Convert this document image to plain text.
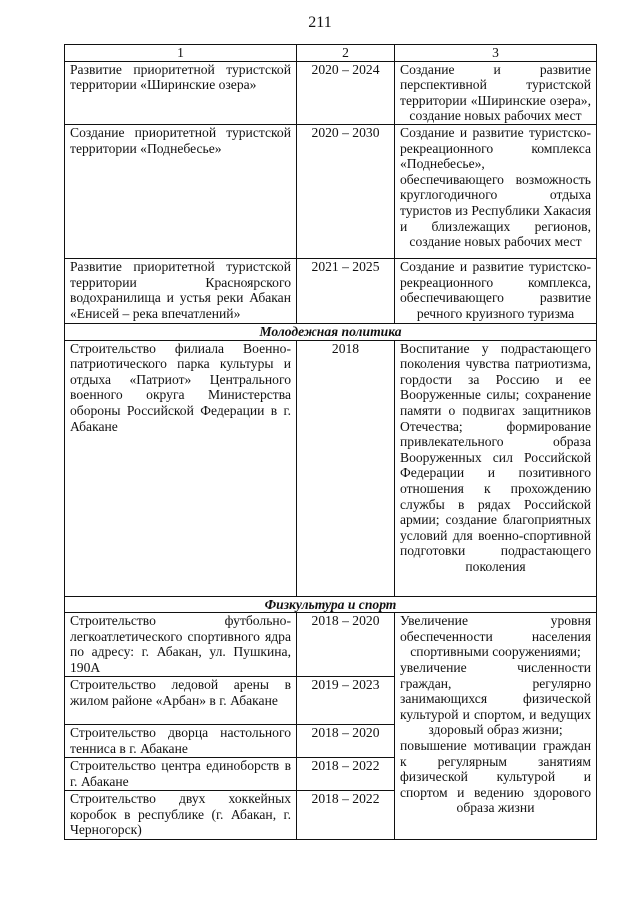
211
1	2	3
Развитие приоритетной туристской территории «Ширинские озера»	2020 – 2024	Создание и развитие перспективной туристской территории «Ширинские озера», создание новых рабочих мест
Создание приоритетной туристской территории «Поднебесье»	2020 – 2030	Создание и развитие туристско-рекреационного комплекса «Поднебесье», обеспечивающего возможность круглогодичного отдыха туристов из Республики Хакасия и близлежащих регионов, создание новых рабочих мест
Развитие приоритетной туристской территории Красноярского водохранилища и устья реки Абакан «Енисей – река впечатлений»	2021 – 2025	Создание и развитие туристско-рекреационного комплекса, обеспечивающего развитие речного круизного туризма
Молодежная политика		
Строительство филиала Военно-патриотического парка культуры и отдыха «Патриот» Центрального военного округа Министерства обороны Российской Федерации в г. Абакане	2018	Воспитание у подрастающего поколения чувства патриотизма, гордости за Россию и ее Вооруженные силы; сохранение памяти о подвигах защитников Отечества; формирование привлекательного образа Вооруженных сил Российской Федерации и позитивного отношения к прохождению службы в рядах Российской армии; создание благоприятных условий для военно-спортивной подготовки подрастающего поколения
Физкультура и спорт		
Строительство футбольно-легкоатлетического спортивного ядра по адресу: г. Абакан, ул. Пушкина, 190А	2018 – 2020	Увеличение уровня обеспеченности населения спортивными сооружениями;
увеличение численности граждан, регулярно занимающихся физической культурой и спортом, и ведущих здоровый образ жизни;
повышение мотивации граждан к регулярным занятиям физической культурой и спортом и ведению здорового образа жизни

Строительство ледовой арены в жилом районе «Арбан» в г. Абакане	2019 – 2023	
Строительство дворца настольного тенниса в г. Абакане	2018 – 2020	
Строительство центра единоборств в г. Абакане	2018 – 2022	
Строительство двух хоккейных коробок в республике (г. Абакан, г. Черногорск)	2018 – 2022	
